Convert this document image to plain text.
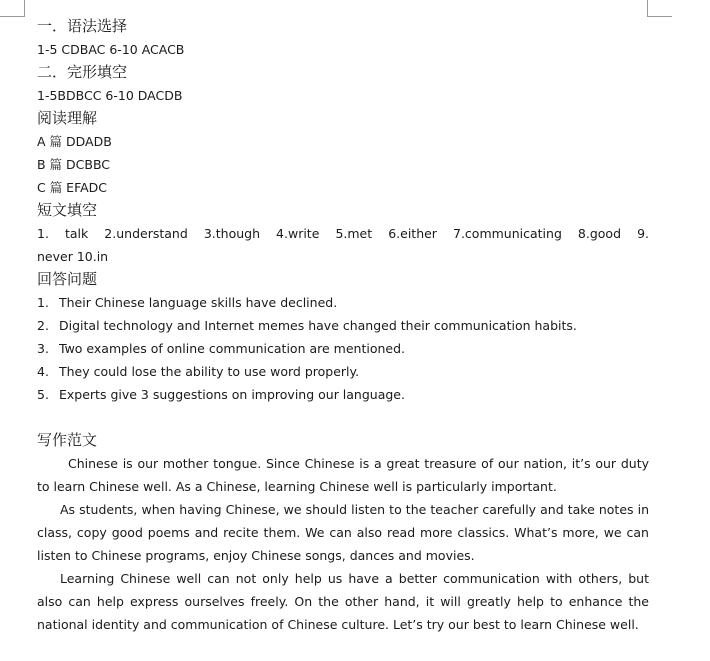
一．语法选择
1-5 CDBAC 6-10 ACACB
二．完形填空
1-5BDBCC 6-10 DACDB
阅读理解
A 篇 DDADB
B 篇 DCBBC
C 篇 EFADC
短文填空
1. talk 2.understand 3.though 4.write 5.met 6.either 7.communicating 8.good 9.
never 10.in
回答问题
1. Their Chinese language skills have declined.
2. Digital technology and Internet memes have changed their communication habits.
3. Two examples of online communication are mentioned.
4. They could lose the ability to use word properly.
5. Experts give 3 suggestions on improving our language.
写作范文

Chinese is our mother tongue. Since Chinese is a great treasure of our nation, it’s our duty to learn Chinese well. As a Chinese, learning Chinese well is particularly important.

As students, when having Chinese, we should listen to the teacher carefully and take notes in class, copy good poems and recite them. We can also read more classics. What’s more, we can listen to Chinese programs, enjoy Chinese songs, dances and movies.

Learning Chinese well can not only help us have a better communication with others, but also can help express ourselves freely. On the other hand, it will greatly help to enhance the national identity and communication of Chinese culture. Let’s try our best to learn Chinese well.
